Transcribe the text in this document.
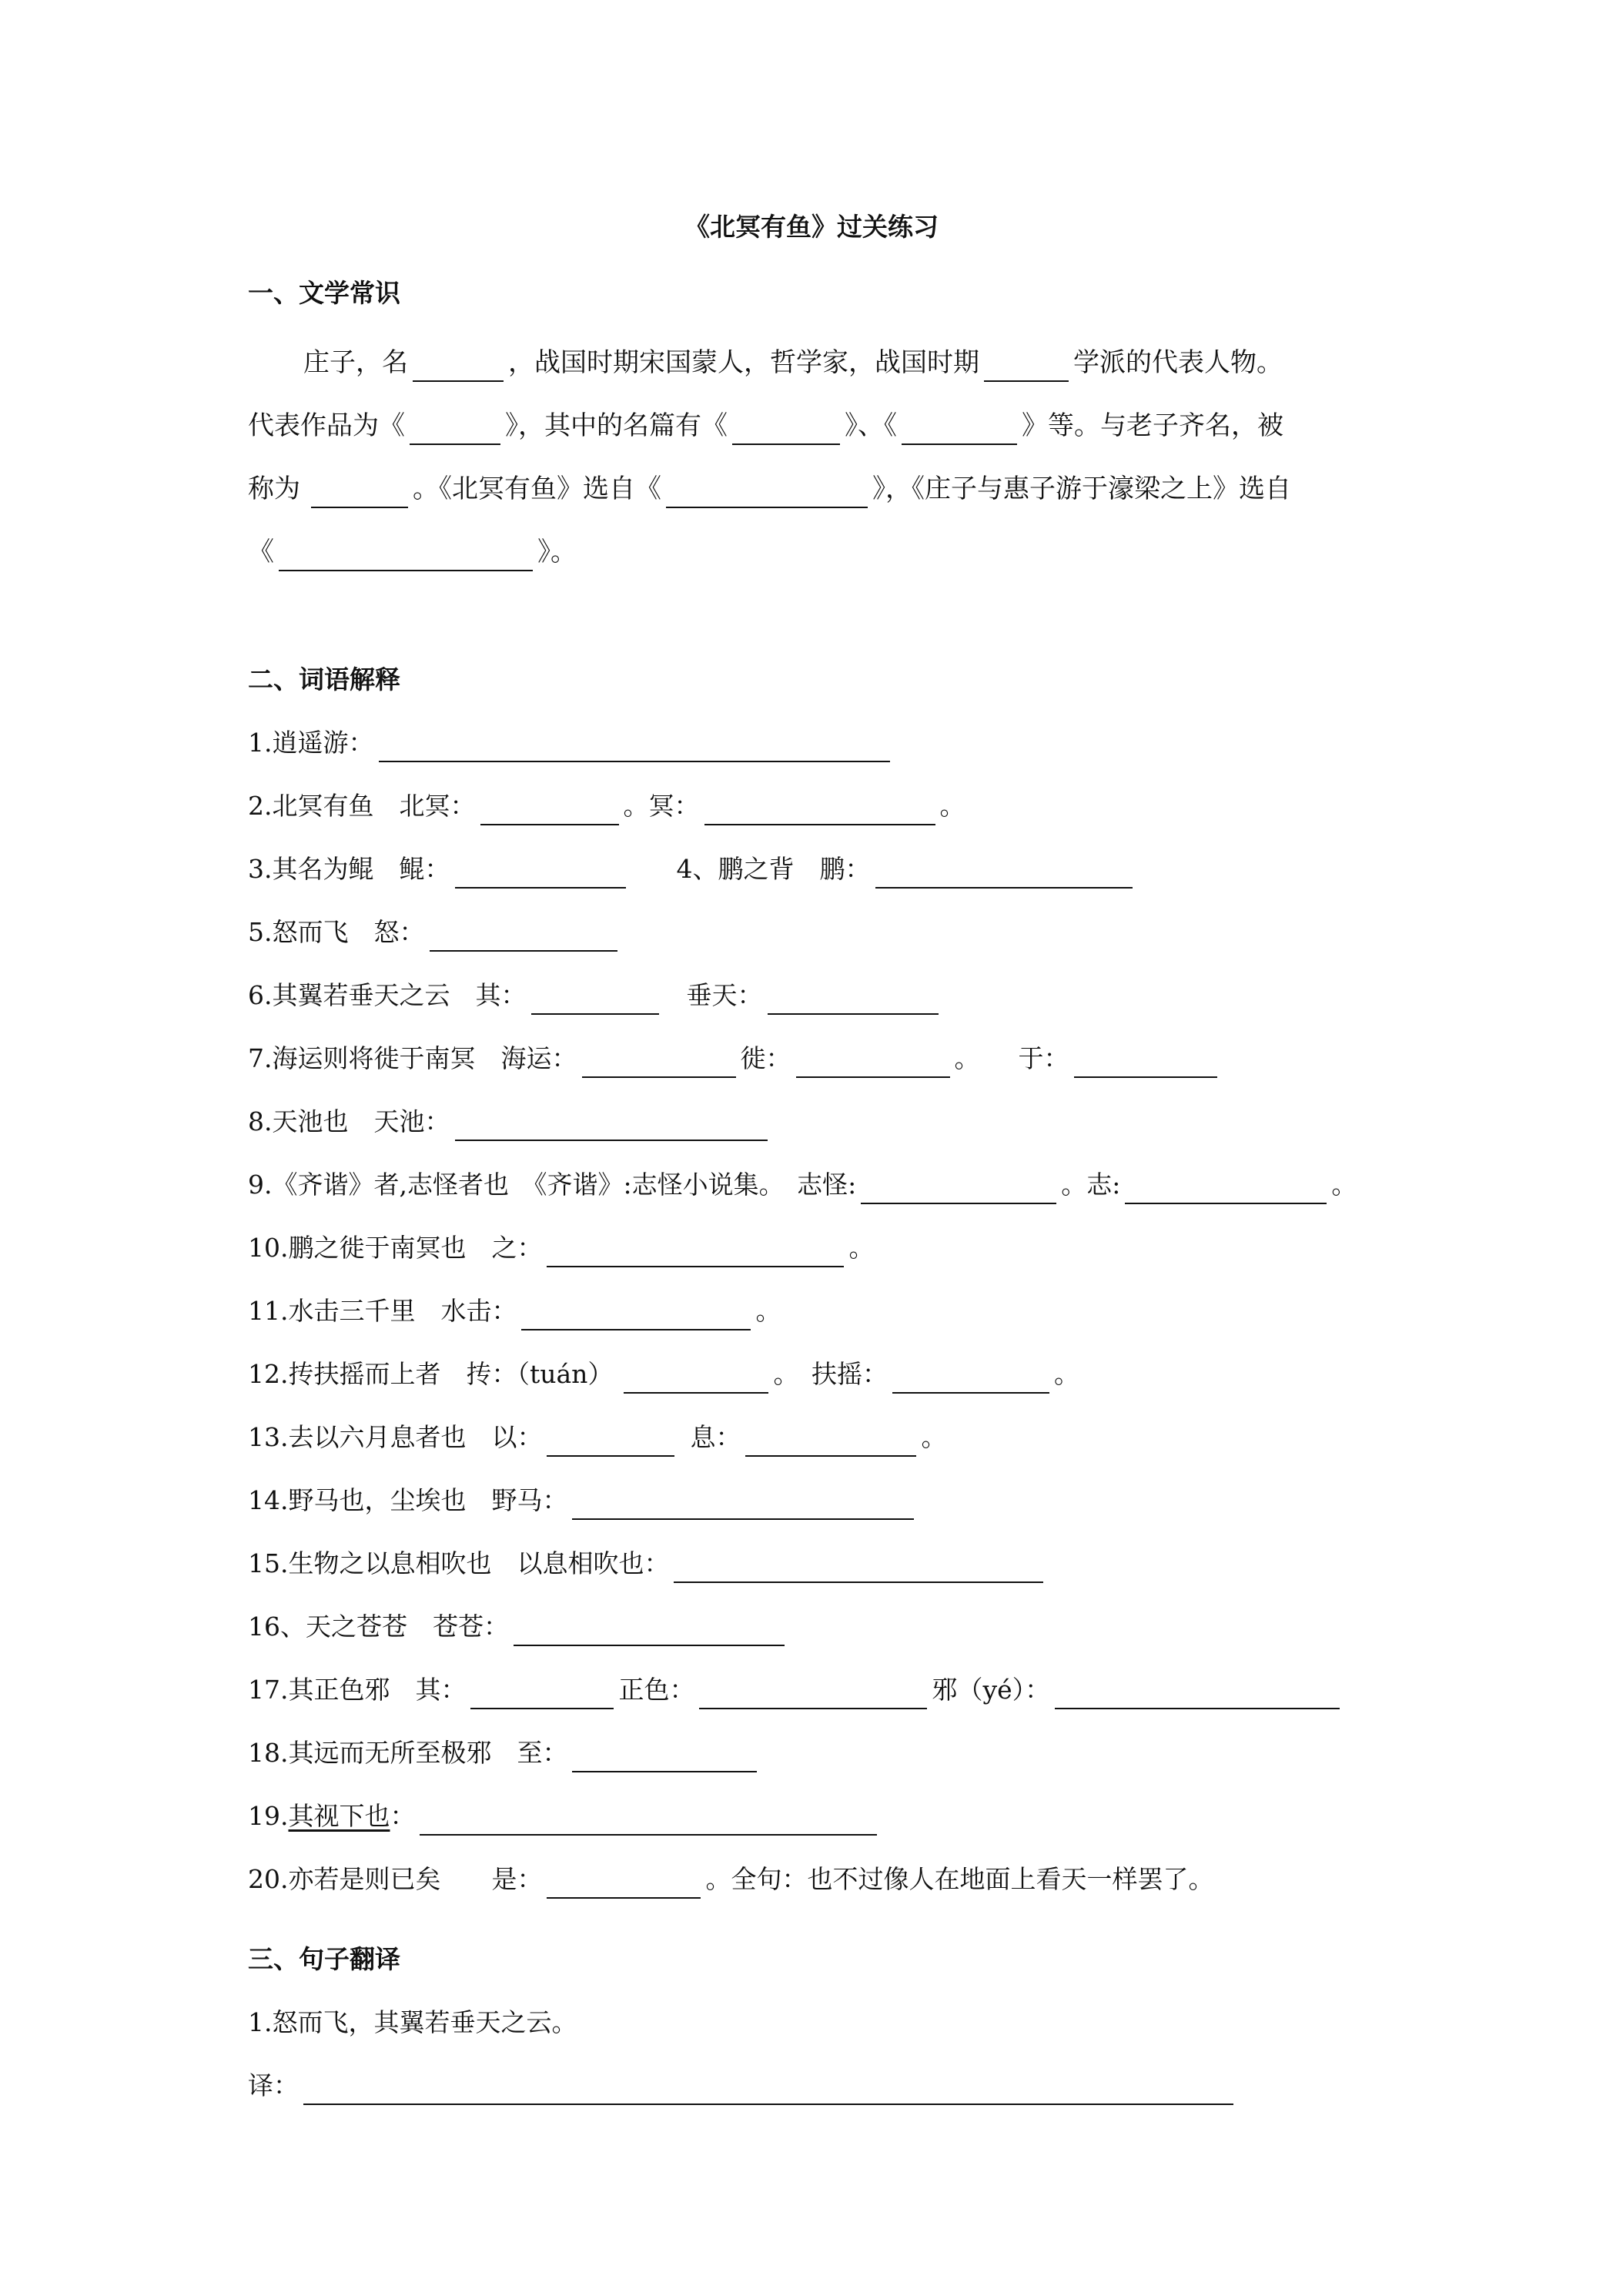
《北冥有鱼》过关练习
一、文学常识
庄子，名	，战国时期宋国蒙人，哲学家，战国时期	学派的代表人物。
代表作品为《	》，其中的名篇有《	》、《	》等。与老子齐名，被
称为	。《北冥有鱼》选自《	》，《庄子与惠子游于濠梁之上》选自
《	》。
二、词语解释
1.逍遥游：
2.北冥有鱼　北冥：	。冥：	。
3.其名为鲲　鲲：	4、鹏之背　鹏：
5.怒而飞　怒：
6.其翼若垂天之云　其：	垂天：
7.海运则将徙于南冥　海运：	徙：	。 于：
8.天池也　天池：
9.《齐谐》者,志怪者也　《齐谐》:志怪小说集。　志怪:	。志:	。
10.鹏之徙于南冥也　之：	。
11.水击三千里　水击：	。
12.抟扶摇而上者　抟：（tuán）	。　扶摇：	。
13.去以六月息者也　以：	息：	。
14.野马也，尘埃也　野马：
15.生物之以息相吹也　以息相吹也：
16、天之苍苍　苍苍：
17.其正色邪　其：	正色：	邪（yé）：
18.其远而无所至极邪　至：
19.其视下也：
20.亦若是则已矣　　是：	。全句：也不过像人在地面上看天一样罢了。
三、句子翻译
1.怒而飞，其翼若垂天之云。
译：
